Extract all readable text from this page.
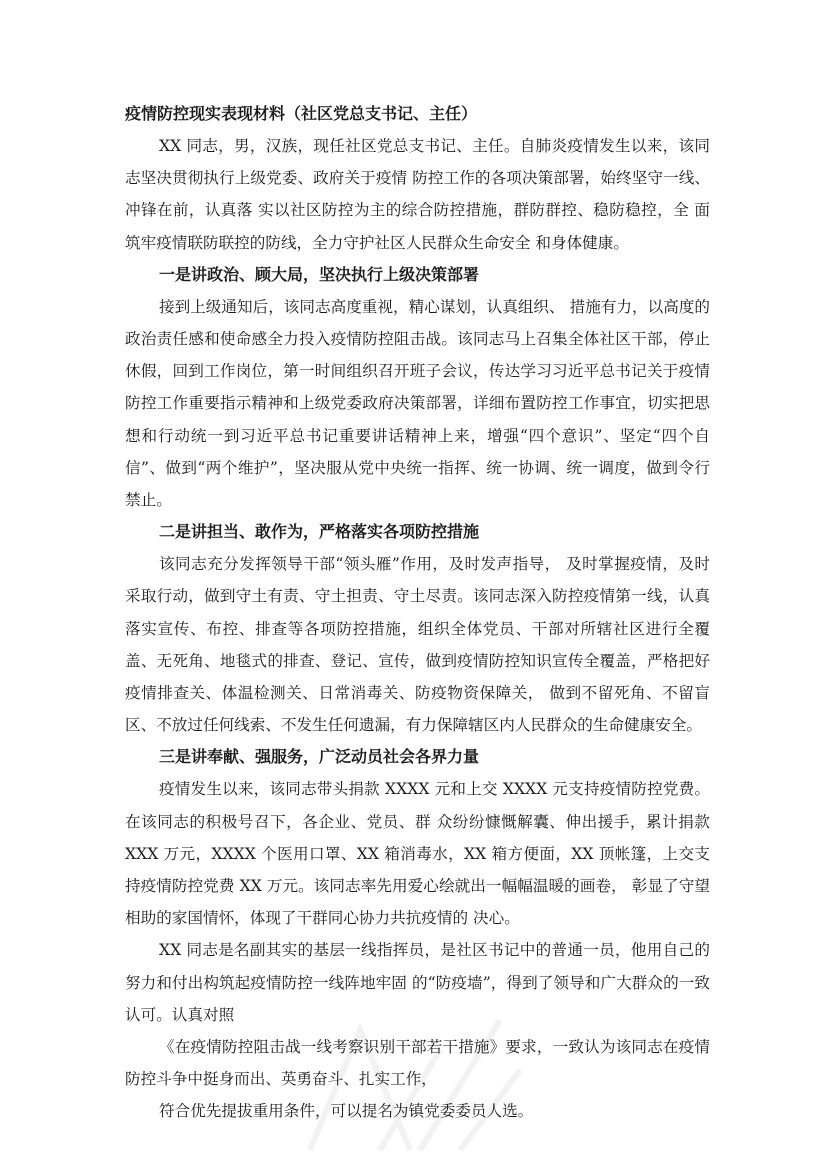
疫情防控现实表现材料（社区党总支书记、主任）

XX 同志，男，汉族，现任社区党总支书记、主任。自肺炎疫情发生以来，该同志坚决贯彻执行上级党委、政府关于疫情 防控工作的各项决策部署，始终坚守一线、冲锋在前，认真落 实以社区防控为主的综合防控措施，群防群控、稳防稳控，全 面筑牢疫情联防联控的防线，全力守护社区人民群众生命安全 和身体健康。

一是讲政治、顾大局，坚决执行上级决策部署

接到上级通知后，该同志高度重视，精心谋划，认真组织、 措施有力，以高度的政治责任感和使命感全力投入疫情防控阻击战。该同志马上召集全体社区干部，停止休假，回到工作岗位，第一时间组织召开班子会议，传达学习习近平总书记关于疫情防控工作重要指示精神和上级党委政府决策部署，详细布置防控工作事宜，切实把思想和行动统一到习近平总书记重要讲话精神上来，增强“四个意识”、坚定“四个自信”、做到“两个维护”，坚决服从党中央统一指挥、统一协调、统一调度，做到令行禁止。

二是讲担当、敢作为，严格落实各项防控措施

该同志充分发挥领导干部“领头雁”作用，及时发声指导， 及时掌握疫情，及时采取行动，做到守土有责、守土担责、守土尽责。该同志深入防控疫情第一线，认真落实宣传、布控、排查等各项防控措施，组织全体党员、干部对所辖社区进行全覆盖、无死角、地毯式的排查、登记、宣传，做到疫情防控知识宣传全覆盖，严格把好疫情排查关、体温检测关、日常消毒关、防疫物资保障关， 做到不留死角、不留盲区、不放过任何线索、不发生任何遗漏，有力保障辖区内人民群众的生命健康安全。

三是讲奉献、强服务，广泛动员社会各界力量

疫情发生以来，该同志带头捐款 XXXX 元和上交 XXXX 元支持疫情防控党费。在该同志的积极号召下，各企业、党员、群 众纷纷慷慨解囊、伸出援手，累计捐款 XXX 万元，XXXX 个医用口罩、XX 箱消毒水，XX 箱方便面，XX 顶帐篷，上交支持疫情防控党费 XX 万元。该同志率先用爱心绘就出一幅幅温暖的画卷， 彰显了守望相助的家国情怀，体现了干群同心协力共抗疫情的 决心。

XX 同志是名副其实的基层一线指挥员，是社区书记中的普通一员，他用自己的努力和付出构筑起疫情防控一线阵地牢固 的“防疫墙”，得到了领导和广大群众的一致认可。认真对照

《在疫情防控阻击战一线考察识别干部若干措施》要求，一致认为该同志在疫情防控斗争中挺身而出、英勇奋斗、扎实工作，

符合优先提拔重用条件，可以提名为镇党委委员人选。
